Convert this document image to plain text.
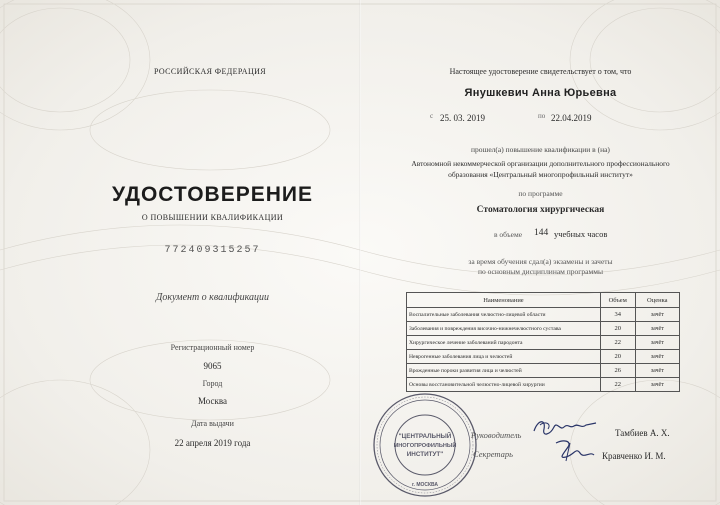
РОССИЙСКАЯ ФЕДЕРАЦИЯ
УДОСТОВЕРЕНИЕ
О ПОВЫШЕНИИ КВАЛИФИКАЦИИ
772409315257
Документ о квалификации
Регистрационный номер
9065
Город
Москва
Дата выдачи
22 апреля 2019 года
Настоящее удостоверение свидетельствует о том, что
Янушкевич Анна Юрьевна
с 25. 03. 2019	по 22.04.2019
прошел(а) повышение квалификации в (на)
Автономной некоммерческой организации дополнительного профессионального
образования «Центральный многопрофильный институт»
по программе
Стоматология хирургическая
в объеме 144 учебных часов
за время обучения сдал(а) экзамены и зачеты
по основным дисциплинам программы
Наименование	Объем	Оценка
Воспалительные заболевания челюстно-лицевой области	34	зачёт
Заболевания и повреждения височно-нижнечелюстного сустава	20	зачёт
Хирургическое лечение заболеваний пародонта	22	зачёт
Неврогенные заболевания лица и челюстей	20	зачёт
Врожденные пороки развития лица и челюстей	26	зачёт
Основы восстановительной челюстно-лицевой хирургии	22	зачёт
"ЦЕНТРАЛЬНЫЙ
МНОГОПРОФИЛЬНЫЙ
ИНСТИТУТ"
г. МОСКВА
Руководитель	Тамбиев А. Х.
Секретарь	Кравченко И. М.
